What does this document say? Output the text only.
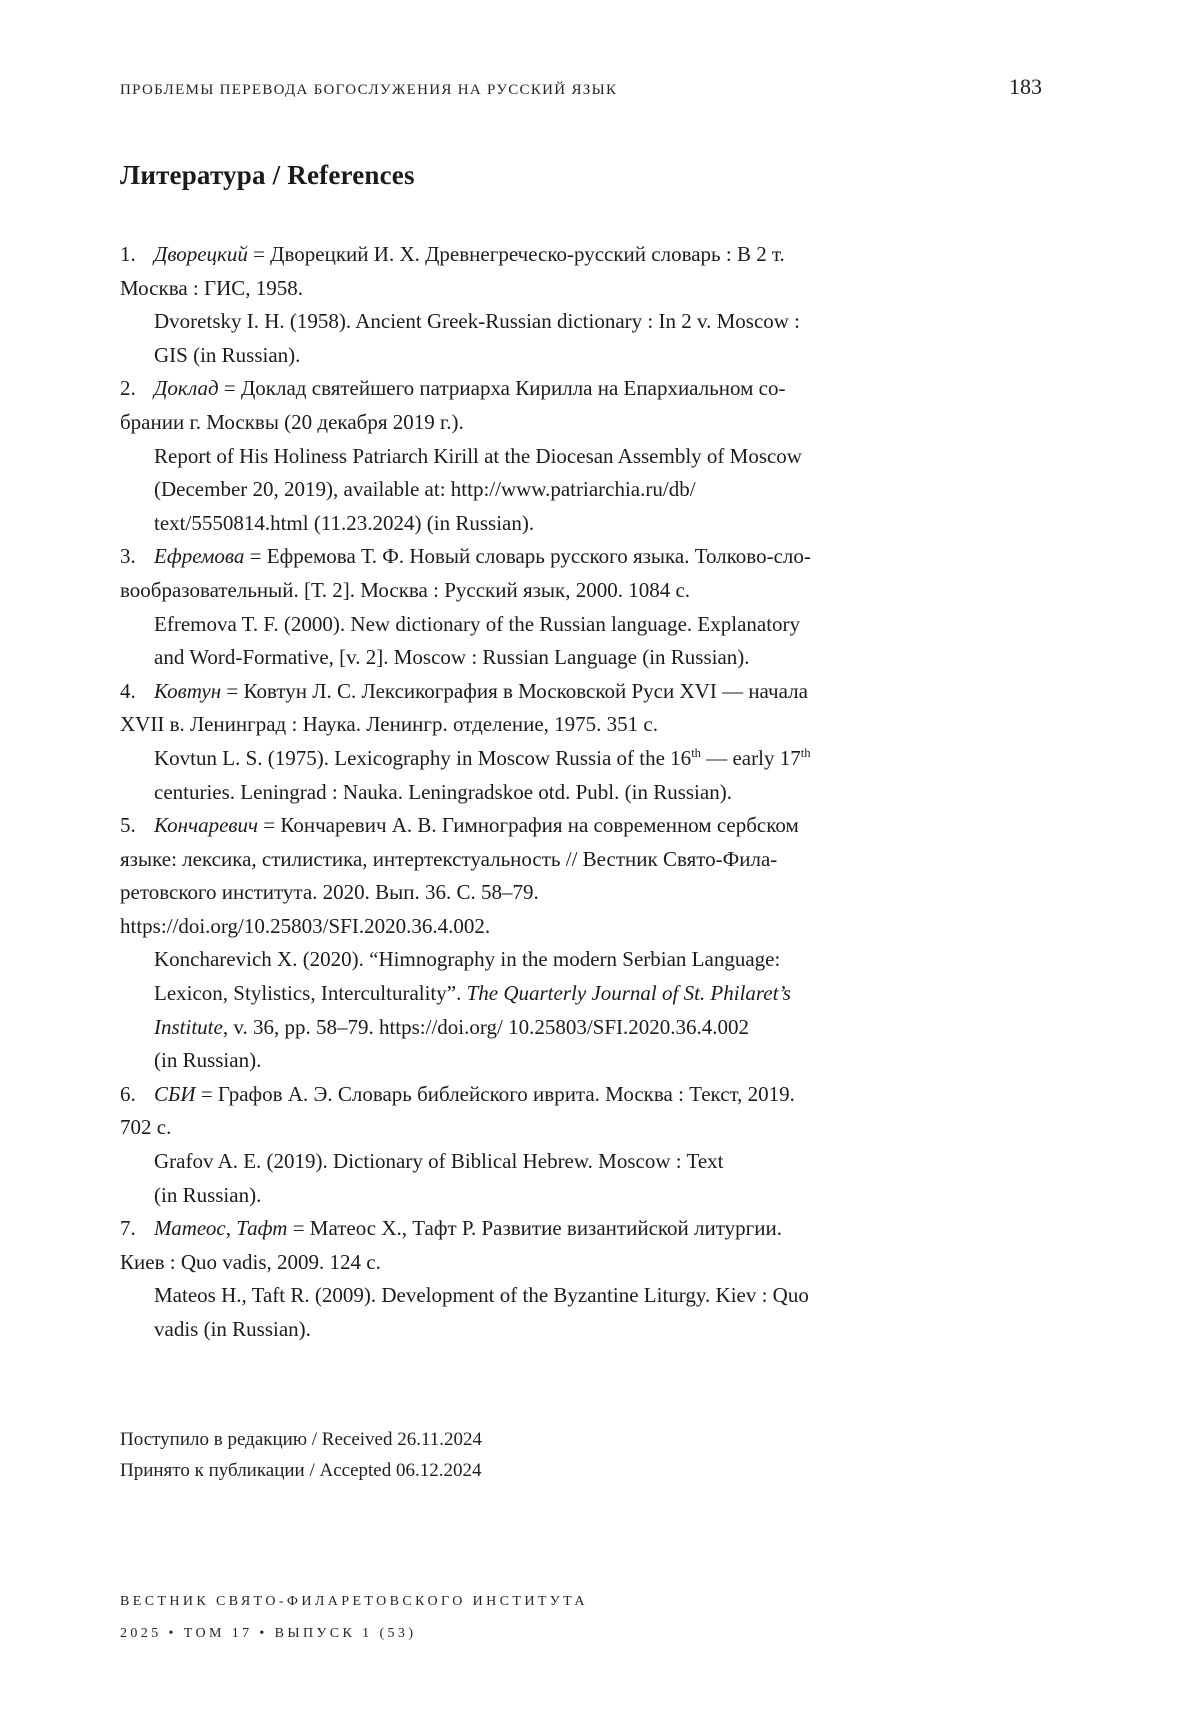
ПРОБЛЕМЫ ПЕРЕВОДА БОГОСЛУЖЕНИЯ НА РУССКИЙ ЯЗЫК	183
Литература / References
1. Дворецкий = Дворецкий И. Х. Древнегреческо-русский словарь : В 2 т.
Москва : ГИС, 1958.
Dvoretsky I. H. (1958). Ancient Greek-Russian dictionary : In 2 v. Moscow :
GIS (in Russian).
2. Доклад = Доклад святейшего патриарха Кирилла на Епархиальном со-
брании г. Москвы (20 декабря 2019 г.).
Report of His Holiness Patriarch Kirill at the Diocesan Assembly of Moscow
(December 20, 2019), available at: http://www.patriarchia.ru/db/
text/5550814.html (11.23.2024) (in Russian).
3. Ефремова = Ефремова Т. Ф. Новый словарь русского языка. Толково-сло-
вообразовательный. [Т. 2]. Москва : Русский язык, 2000. 1084 с.
Efremova T. F. (2000). New dictionary of the Russian language. Explanatory
and Word-Formative, [v. 2]. Moscow : Russian Language (in Russian).
4. Ковтун = Ковтун Л. С. Лексикография в Московской Руси XVI — начала
XVII в. Ленинград : Наука. Ленингр. отделение, 1975. 351 с.
Kovtun L. S. (1975). Lexicography in Moscow Russia of the 16th — early 17th
centuries. Leningrad : Nauka. Leningradskoe otd. Publ. (in Russian).
5. Кончаревич = Кончаревич А. В. Гимнография на современном сербском
языке: лексика, стилистика, интертекстуальность // Вестник Свято-Фила-
ретовского института. 2020. Вып. 36. С. 58–79.
https://doi.org/10.25803/SFI.2020.36.4.002.
Koncharevich X. (2020). “Himnography in the modern Serbian Language:
Lexicon, Stylistics, Interculturality”. The Quarterly Journal of St. Philaret’s
Institute, v. 36, pp. 58–79. https://doi.org/ 10.25803/SFI.2020.36.4.002
(in Russian).
6. СБИ = Графов А. Э. Словарь библейского иврита. Москва : Текст, 2019.
702 с.
Grafov A. E. (2019). Dictionary of Biblical Hebrew. Moscow : Text
(in Russian).
7. Матеос, Тафт = Матеос Х., Тафт Р. Развитие византийской литургии.
Киев : Quo vadis, 2009. 124 с.
Mateos H., Taft R. (2009). Development of the Byzantine Liturgy. Kiev : Quo
vadis (in Russian).
Поступило в редакцию / Received 26.11.2024
Принято к публикации / Accepted 06.12.2024
ВЕСТНИК СВЯТО-ФИЛАРЕТОВСКОГО ИНСТИТУТА
2025 • ТОМ 17 • ВЫПУСК 1 (53)
